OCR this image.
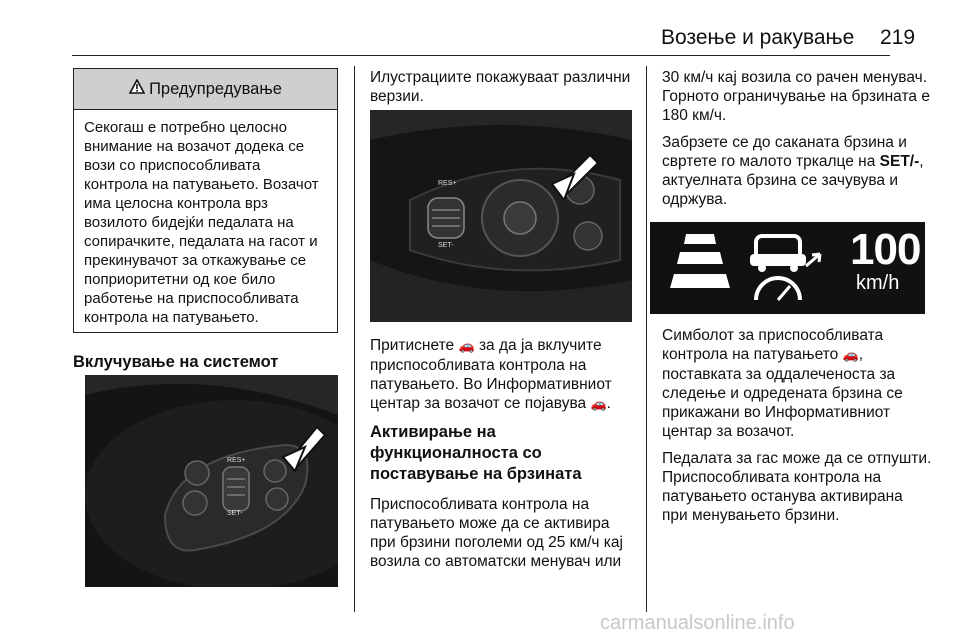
Возење и ракување 219
Предупредување
Секогаш е потребно целосно внимание на возачот додека се вози со приспособливата контрола на патувањето. Возачот има целосна контрола врз возилото бидејќи педалата на сопирачките, педалата на гасот и прекинувачот за откажување се поприоритетни од кое било работење на приспособливата контрола на патувањето.
Вклучување на системот
RES+
SET-

Илустрациите покажуваат различни верзии.

RES+
SET-

Притиснете 🚗 за да ја вклучите приспособливата контрола на патувањето. Во Информативниот центар за возачот се појавува 🚗.

Активирање на функционалноста со поставување на брзината

Приспособливата контрола на патувањето може да се активира при брзини поголеми од 25 км/ч кај возила со автоматски менувач или

30 км/ч кај возила со рачен менувач. Горното ограничување на брзината е 180 км/ч.

Забрзете се до саканата брзина и свртете го малото тркалце на SET/-, актуелната брзина се зачувува и одржува.

100
km/h

Симболот за приспособливата контрола на патувањето 🚗, поставката за оддалеченоста за следење и одредената брзина се прикажани во Информативниот центар за возачот.

Педалата за гас може да се отпушти. Приспособливата контрола на патувањето останува активирана при менувањето брзини.

carmanualsonline.info
